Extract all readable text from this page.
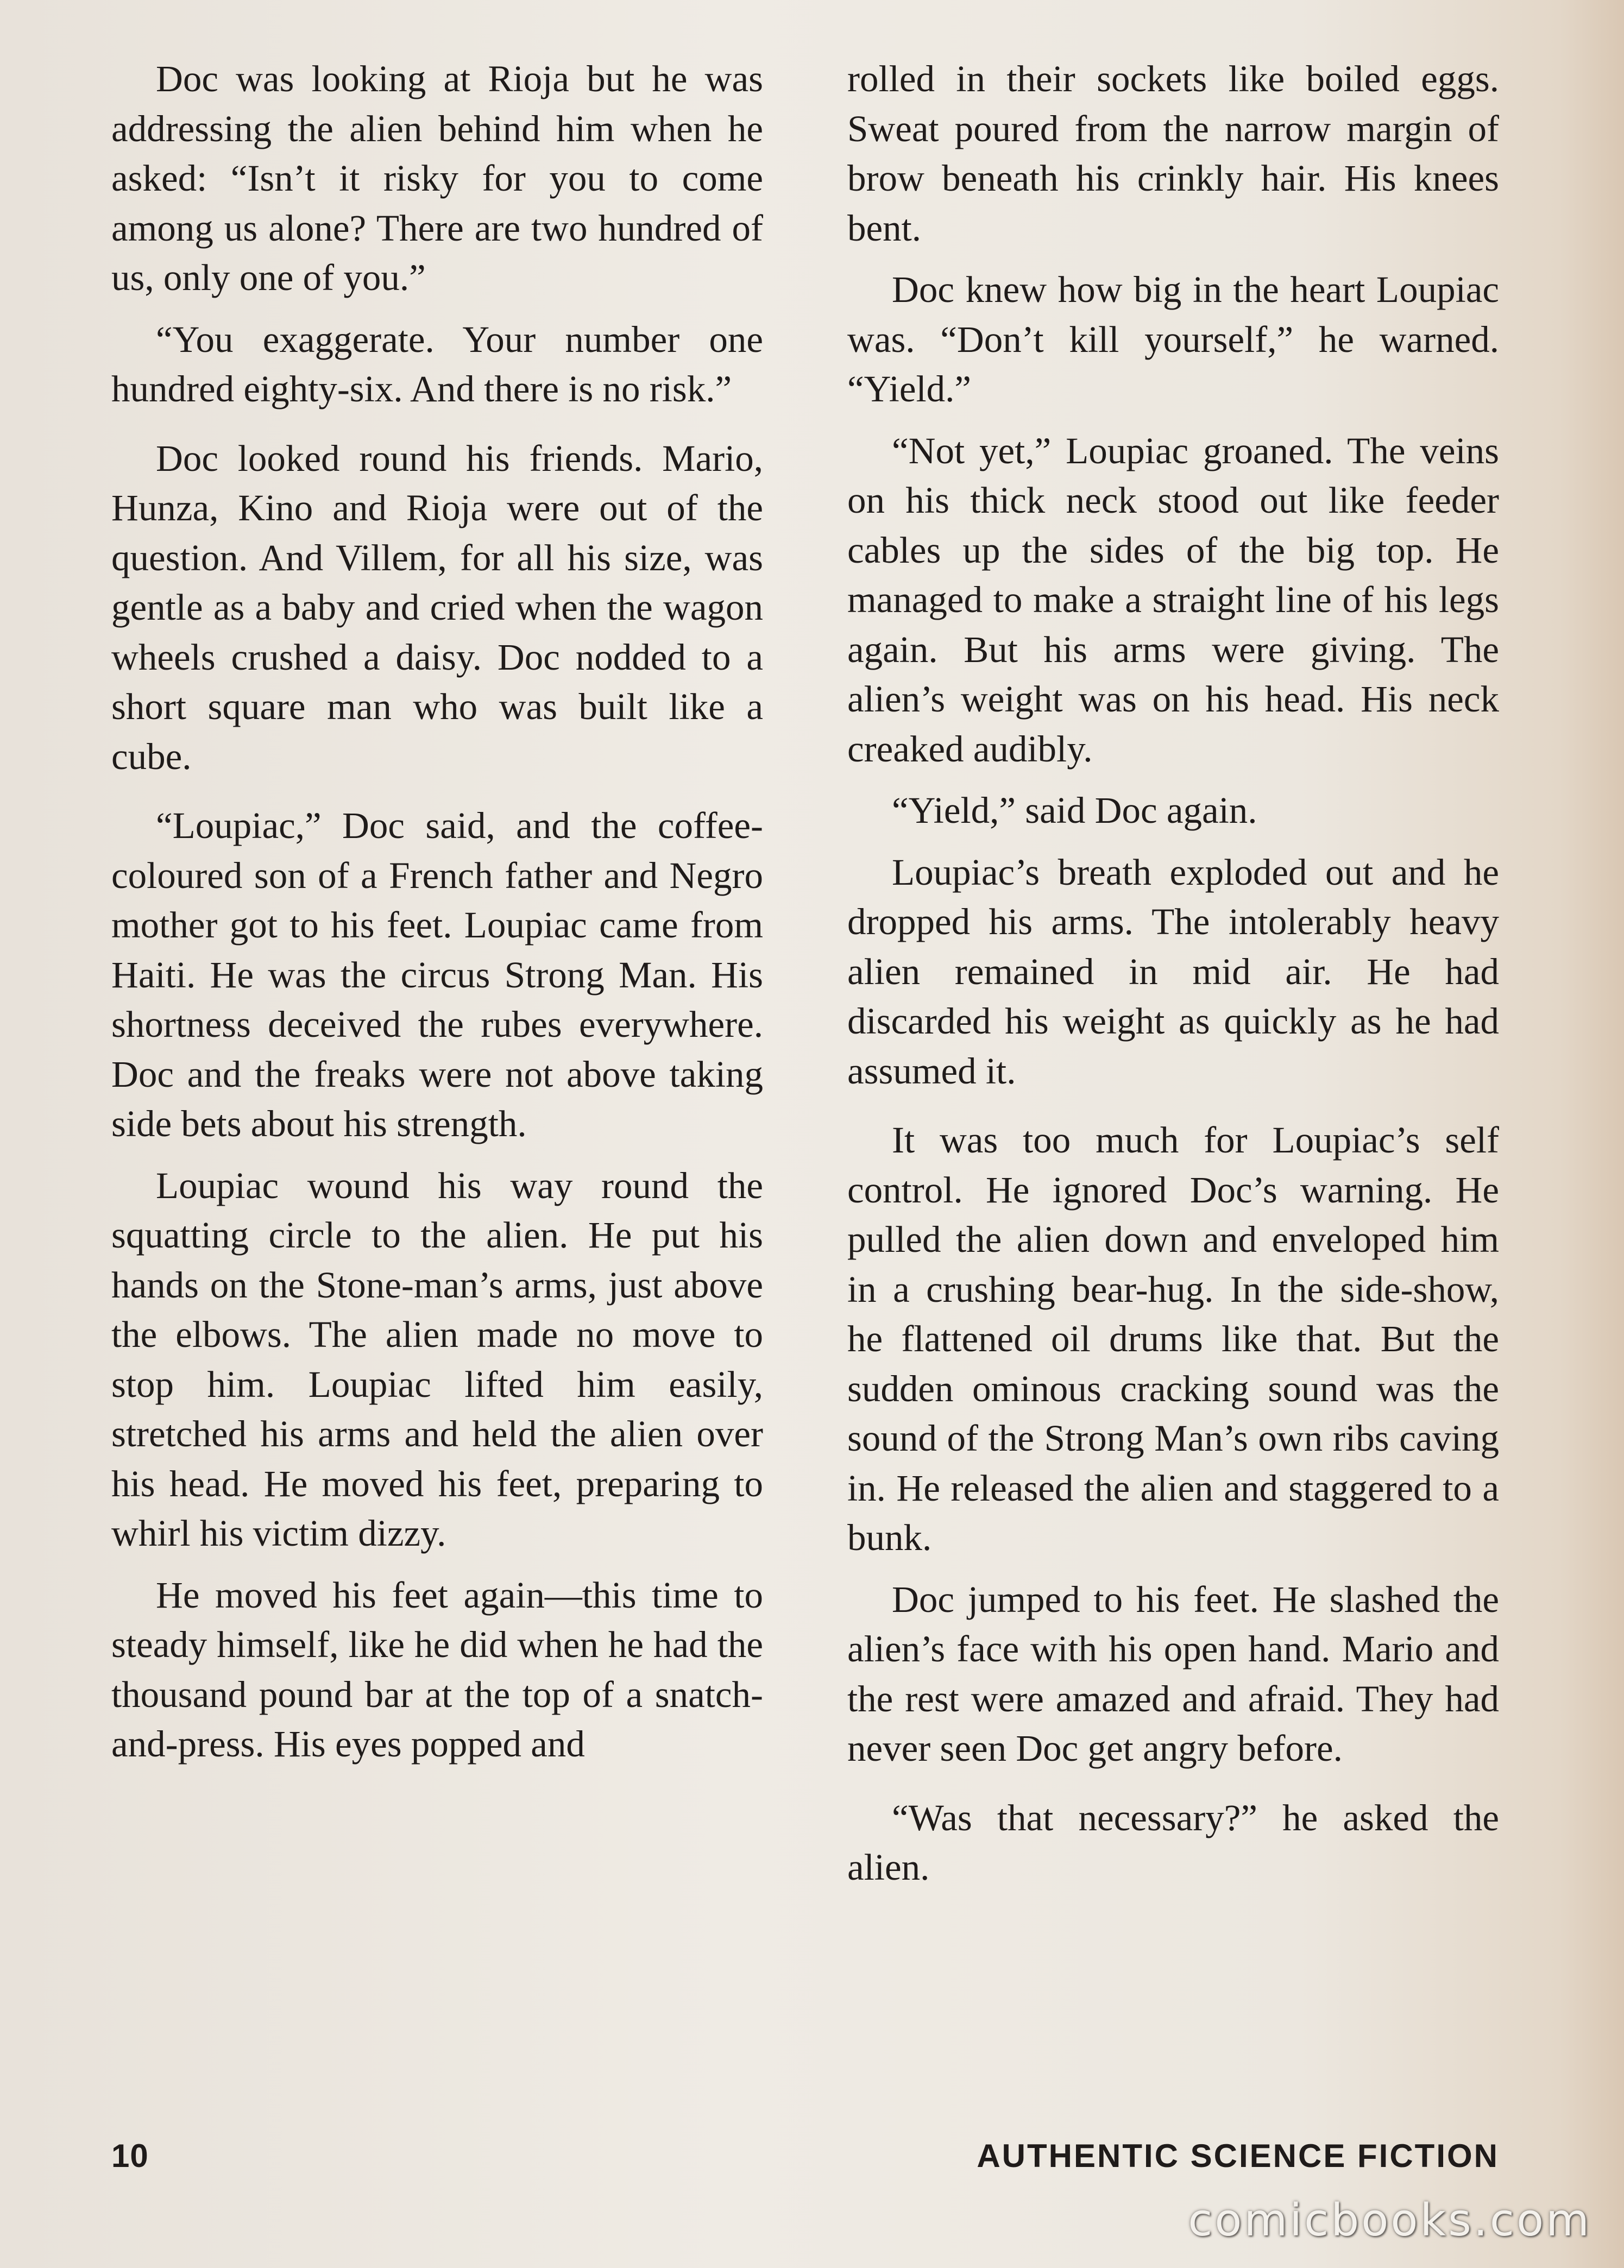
Doc was looking at Rioja but he was addressing the alien behind him when he asked: “Isn’t it risky for you to come among us alone? There are two hundred of us, only one of you.”

“You exaggerate. Your number one hundred eighty-six. And there is no risk.”

Doc looked round his friends. Mario, Hunza, Kino and Rioja were out of the question. And Villem, for all his size, was gentle as a baby and cried when the wagon wheels crushed a daisy. Doc nodded to a short square man who was built like a cube.

“Loupiac,” Doc said, and the coffee-coloured son of a French father and Negro mother got to his feet. Loupiac came from Haiti. He was the circus Strong Man. His shortness deceived the rubes everywhere. Doc and the freaks were not above taking side bets about his strength.

Loupiac wound his way round the squatting circle to the alien. He put his hands on the Stone-man’s arms, just above the elbows. The alien made no move to stop him. Loupiac lifted him easily, stretched his arms and held the alien over his head. He moved his feet, preparing to whirl his victim dizzy.

He moved his feet again—this time to steady himself, like he did when he had the thousand pound bar at the top of a snatch-and-press. His eyes popped and

rolled in their sockets like boiled eggs. Sweat poured from the narrow margin of brow beneath his crinkly hair. His knees bent.

Doc knew how big in the heart Loupiac was. “Don’t kill yourself,” he warned. “Yield.”

“Not yet,” Loupiac groaned. The veins on his thick neck stood out like feeder cables up the sides of the big top. He managed to make a straight line of his legs again. But his arms were giving. The alien’s weight was on his head. His neck creaked audibly.

“Yield,” said Doc again.

Loupiac’s breath exploded out and he dropped his arms. The intolerably heavy alien remained in mid air. He had discarded his weight as quickly as he had assumed it.

It was too much for Loupiac’s self control. He ignored Doc’s warning. He pulled the alien down and enveloped him in a crushing bear-hug. In the side-show, he flattened oil drums like that. But the sudden ominous cracking sound was the sound of the Strong Man’s own ribs caving in. He released the alien and staggered to a bunk.

Doc jumped to his feet. He slashed the alien’s face with his open hand. Mario and the rest were amazed and afraid. They had never seen Doc get angry before.

“Was that necessary?” he asked the alien.

10	AUTHENTIC SCIENCE FICTION
comicbooks.com
